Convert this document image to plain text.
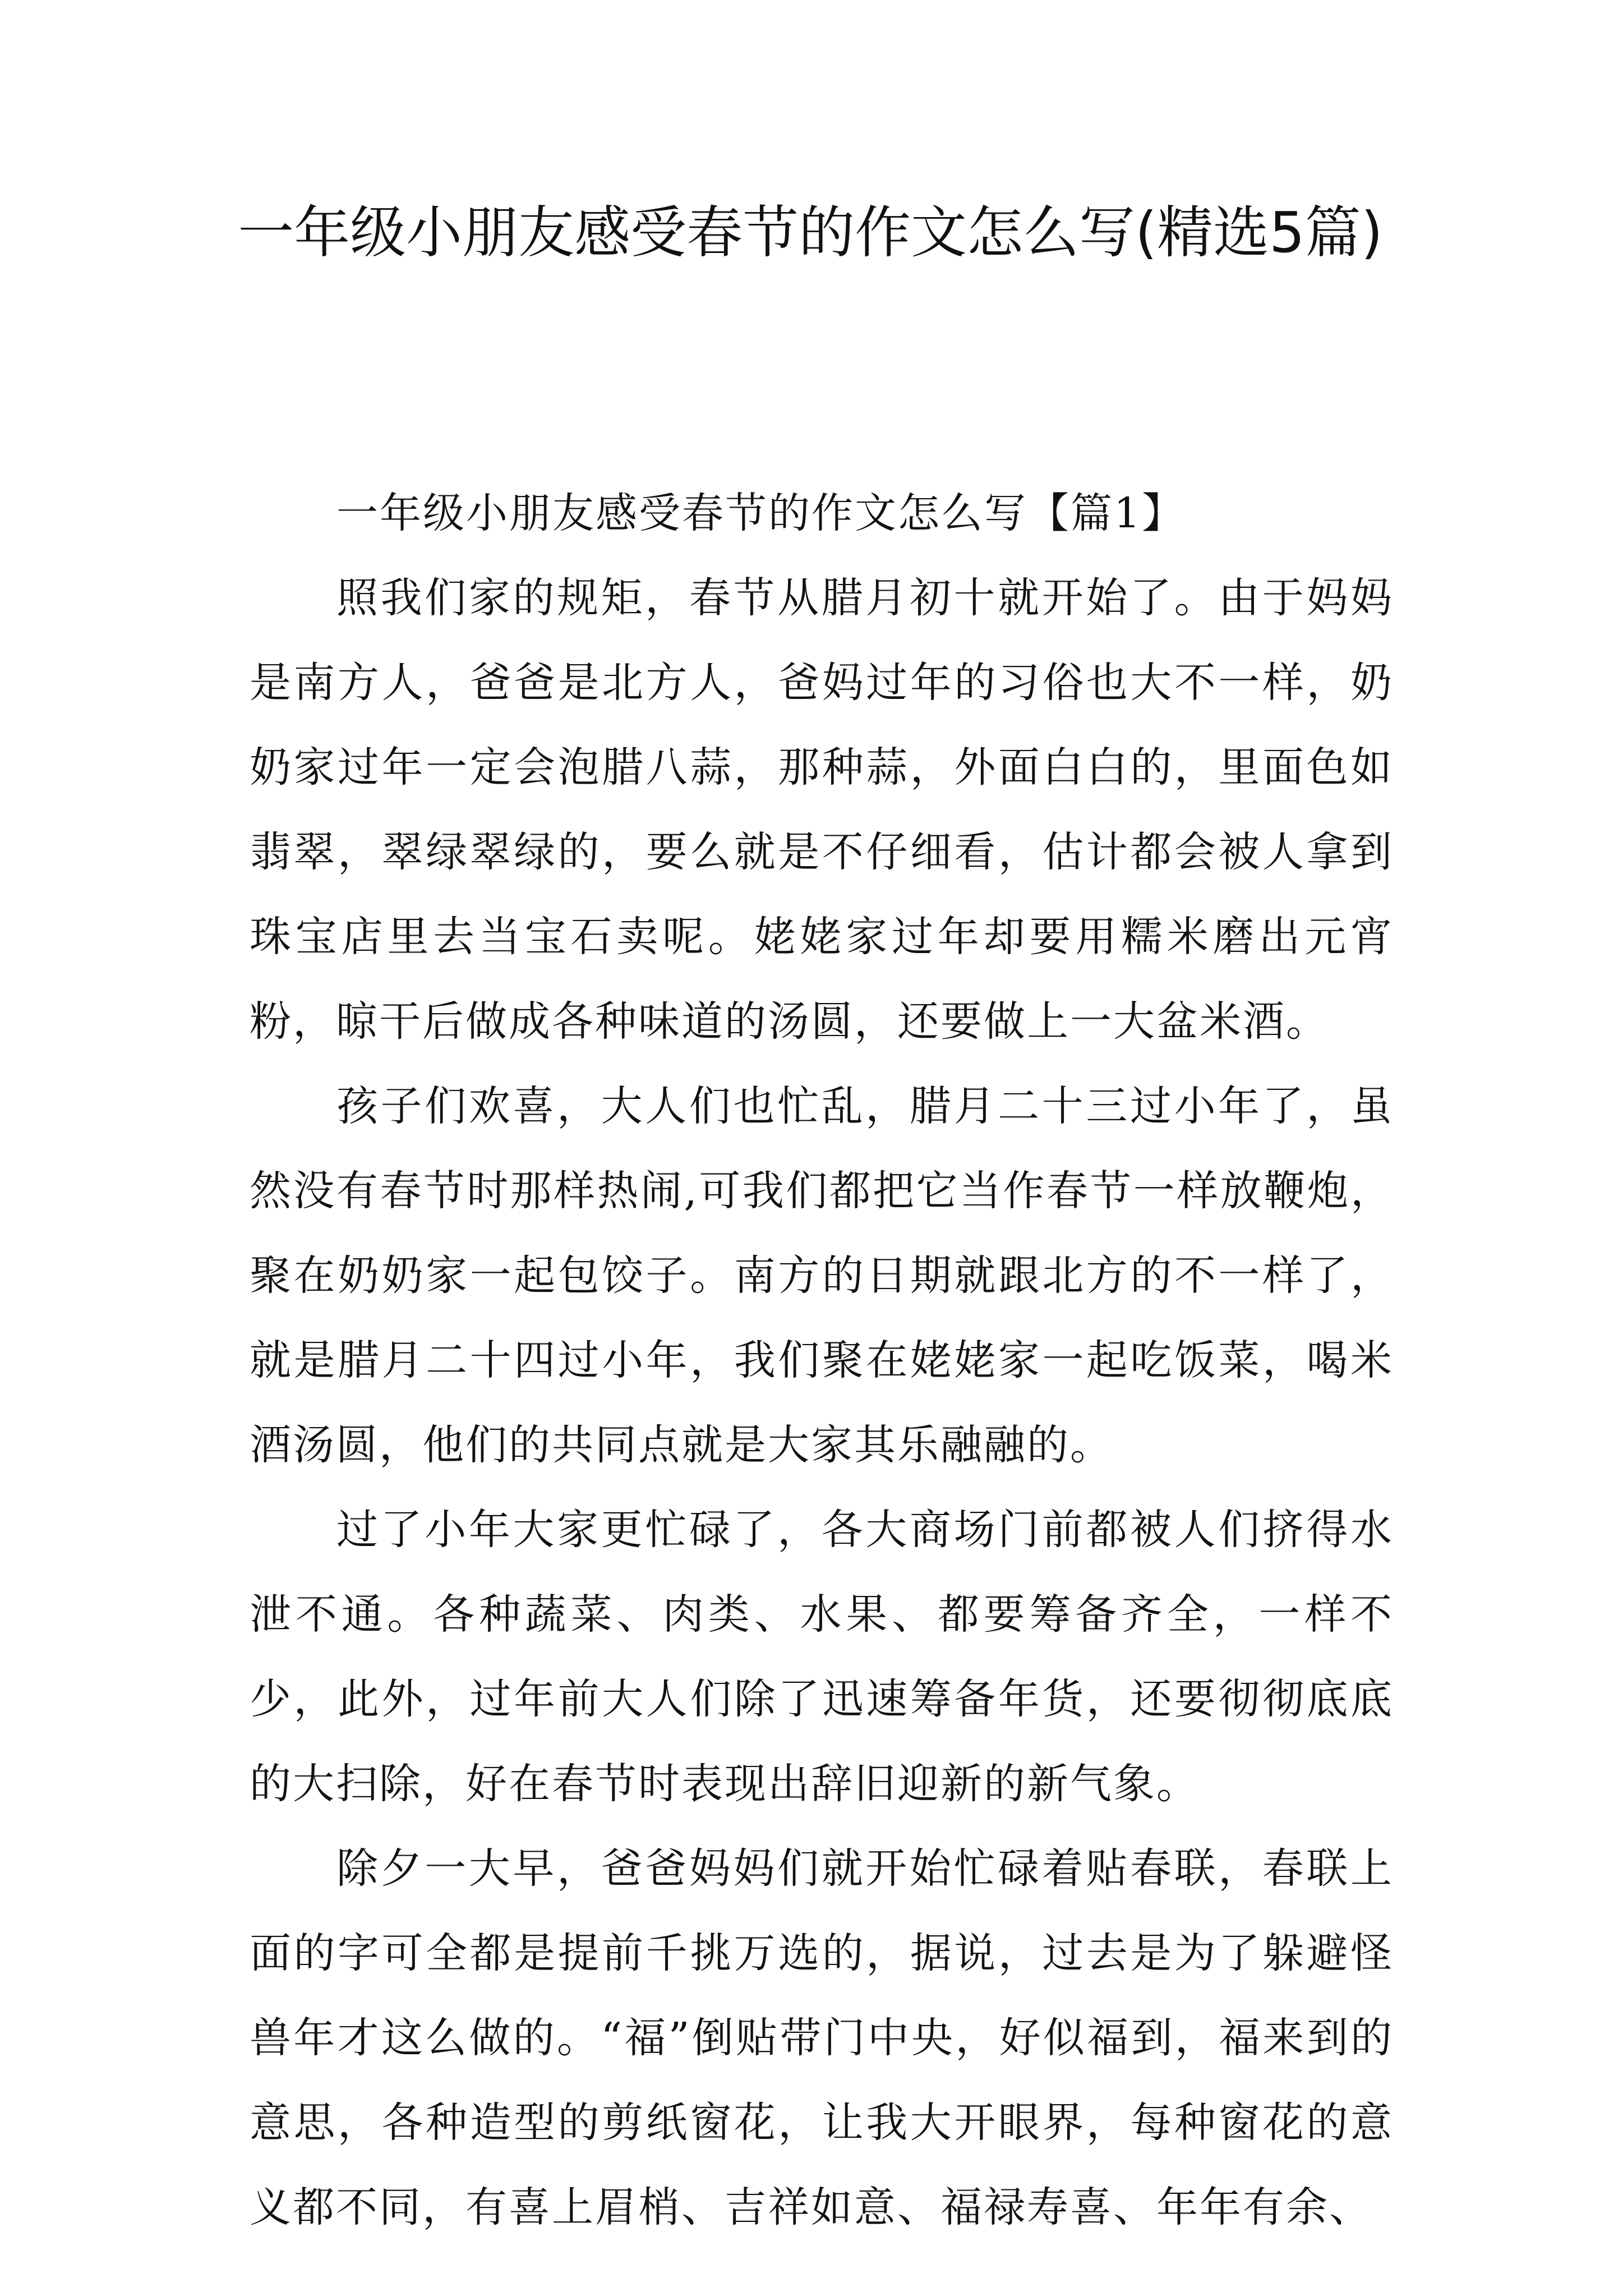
一年级小朋友感受春节的作文怎么写(精选5篇)

一年级小朋友感受春节的作文怎么写【篇1】

照我们家的规矩，春节从腊月初十就开始了。由于妈妈是南方人，爸爸是北方人，爸妈过年的习俗也大不一样，奶奶家过年一定会泡腊八蒜，那种蒜，外面白白的，里面色如翡翠，翠绿翠绿的，要么就是不仔细看，估计都会被人拿到珠宝店里去当宝石卖呢。姥姥家过年却要用糯米磨出元宵粉，晾干后做成各种味道的汤圆，还要做上一大盆米酒。

孩子们欢喜，大人们也忙乱，腊月二十三过小年了，虽然没有春节时那样热闹,可我们都把它当作春节一样放鞭炮，聚在奶奶家一起包饺子。南方的日期就跟北方的不一样了，就是腊月二十四过小年，我们聚在姥姥家一起吃饭菜，喝米酒汤圆，他们的共同点就是大家其乐融融的。

过了小年大家更忙碌了，各大商场门前都被人们挤得水泄不通。各种蔬菜、肉类、水果、都要筹备齐全，一样不少，此外，过年前大人们除了迅速筹备年货，还要彻彻底底的大扫除，好在春节时表现出辞旧迎新的新气象。

除夕一大早，爸爸妈妈们就开始忙碌着贴春联，春联上面的字可全都是提前千挑万选的，据说，过去是为了躲避怪兽年才这么做的。“福”倒贴带门中央，好似福到，福来到的意思，各种造型的剪纸窗花，让我大开眼界，每种窗花的意义都不同，有喜上眉梢、吉祥如意、福禄寿喜、年年有余、
